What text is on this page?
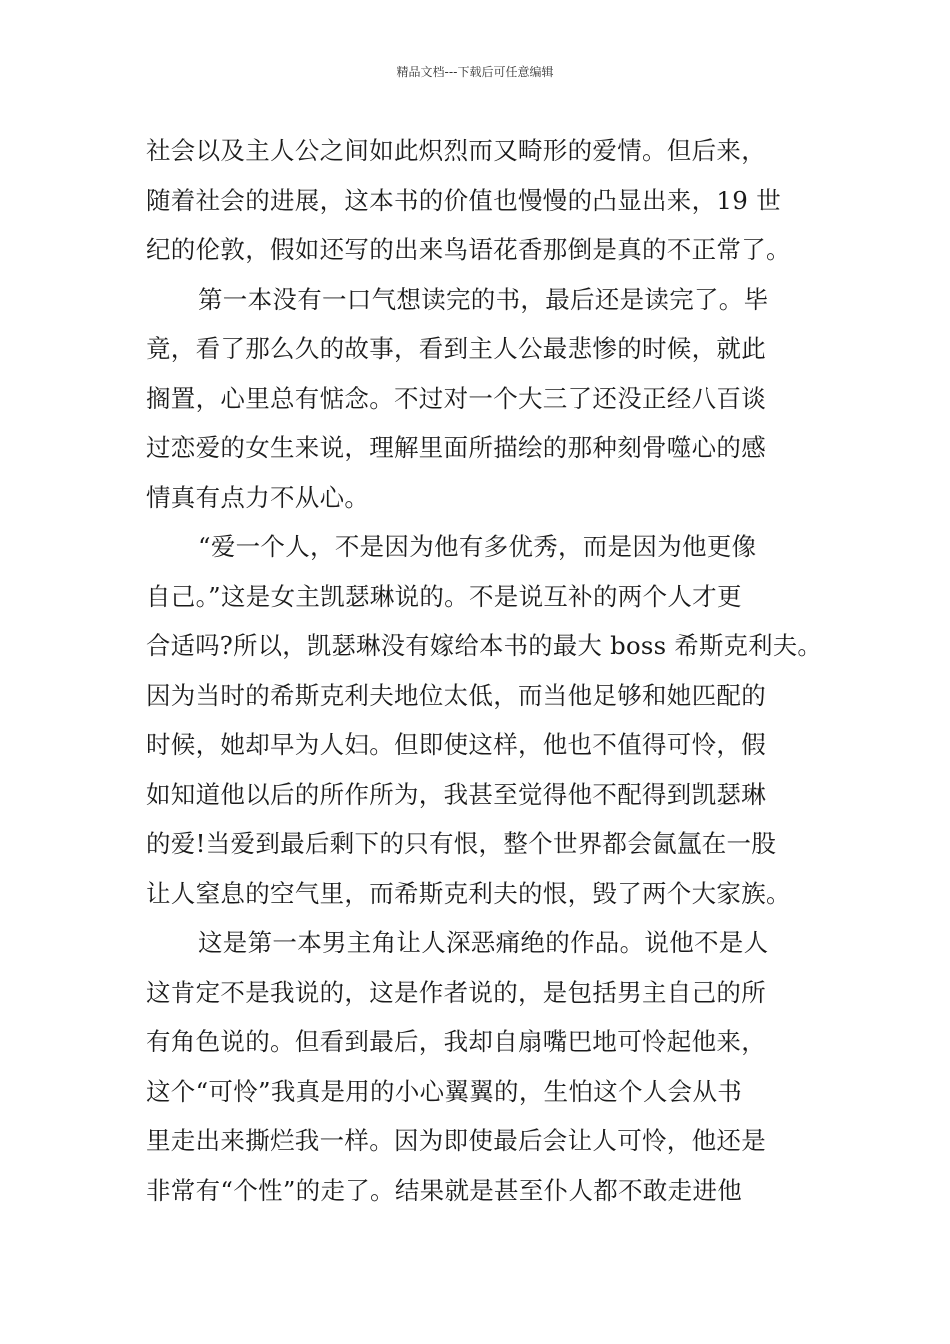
精品文档---下载后可任意编辑
社会以及主人公之间如此炽烈而又畸形的爱情。但后来，
随着社会的进展，这本书的价值也慢慢的凸显出来，19 世
纪的伦敦，假如还写的出来鸟语花香那倒是真的不正常了。
第一本没有一口气想读完的书，最后还是读完了。毕
竟，看了那么久的故事，看到主人公最悲惨的时候，就此
搁置，心里总有惦念。不过对一个大三了还没正经八百谈
过恋爱的女生来说，理解里面所描绘的那种刻骨噬心的感
情真有点力不从心。
“爱一个人，不是因为他有多优秀，而是因为他更像
自己。”这是女主凯瑟琳说的。不是说互补的两个人才更
合适吗?所以，凯瑟琳没有嫁给本书的最大 boss 希斯克利夫。
因为当时的希斯克利夫地位太低，而当他足够和她匹配的
时候，她却早为人妇。但即使这样，他也不值得可怜，假
如知道他以后的所作所为，我甚至觉得他不配得到凯瑟琳
的爱!当爱到最后剩下的只有恨，整个世界都会氤氲在一股
让人窒息的空气里，而希斯克利夫的恨，毁了两个大家族。
这是第一本男主角让人深恶痛绝的作品。说他不是人
这肯定不是我说的，这是作者说的，是包括男主自己的所
有角色说的。但看到最后，我却自扇嘴巴地可怜起他来，
这个“可怜”我真是用的小心翼翼的，生怕这个人会从书
里走出来撕烂我一样。因为即使最后会让人可怜，他还是
非常有“个性”的走了。结果就是甚至仆人都不敢走进他
